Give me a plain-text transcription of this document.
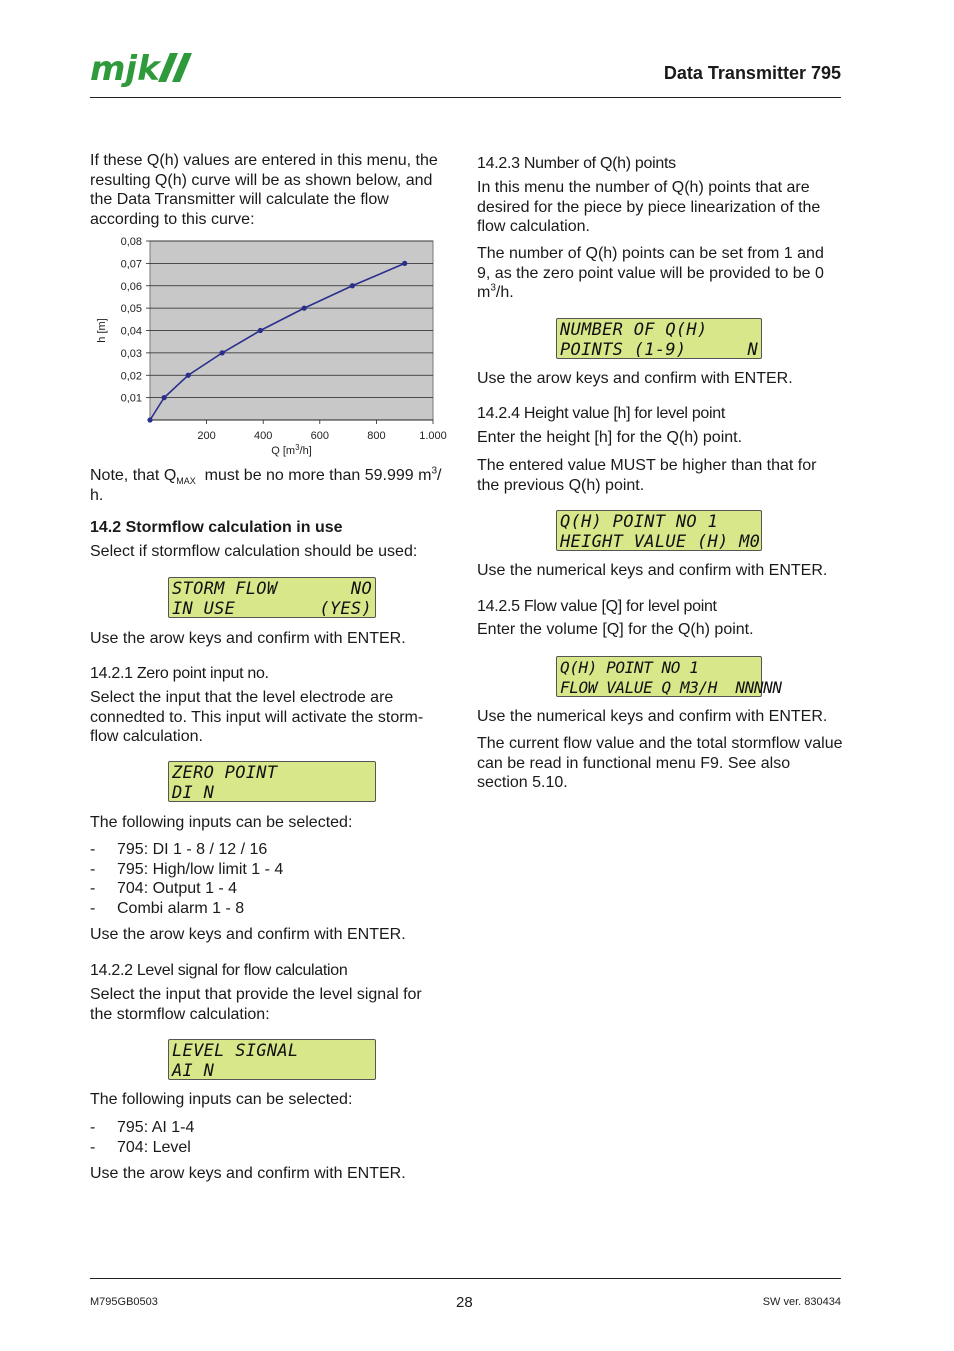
mjk	Data Transmitter 795

If these Q(h) values are entered in this menu, the resulting Q(h) curve will be as shown below, and the Data Transmitter will calculate the flow according to this curve:

0,01
0,02
0,03
0,04
0,05
0,06
0,07
0,08
200	400	600	800	1.000
Q $[m^3/h]$
h [m]

Note, that $Q_{MAX}$ must be no more than 59.999 $m^3/$
h.

14.2 Stormflow calculation in use

Select if stormflow calculation should be used:

STORM FLOW	NO
IN USE	(YES)

Use the arow keys and confirm with ENTER.

14.2.1 Zero point input no.

Select the input that the level electrode are connedted to. This input will activate the storm-flow calculation.

ZERO POINT
DI N

The following inputs can be selected:

-	795: DI 1 - 8 / 12 / 16
-	795: High/low limit 1 - 4
-	704: Output 1 - 4
-	Combi alarm 1 - 8

Use the arow keys and confirm with ENTER.

14.2.2 Level signal for flow calculation

Select the input that provide the level signal for the stormflow calculation:

LEVEL SIGNAL
AI N

The following inputs can be selected:

-	795: AI 1-4
-	704: Level

Use the arow keys and confirm with ENTER.

14.2.3 Number of Q(h) points

In this menu the number of Q(h) points that are desired for the piece by piece linearization of the flow calculation.

The number of Q(h) points can be set from 1 and 9, as the zero point value will be provided to be 0 $m^3/h$.

NUMBER OF Q(H)
POINTS (1-9)	N

Use the arow keys and confirm with ENTER.

14.2.4 Height value [h] for level point

Enter the height [h] for the Q(h) point.

The entered value MUST be higher than that for the previous Q(h) point.

Q(H) POINT NO 1
HEIGHT VALUE (H) M 0

Use the numerical keys and confirm with ENTER.

14.2.5 Flow value [Q] for level point

Enter the volume [Q] for the Q(h) point.

Q(H) POINT NO 1
FLOW VALUE Q M3/H  NNNNN

Use the numerical keys and confirm with ENTER.

The current flow value and the total stormflow value can be read in functional menu F9. See also section 5.10.

M795GB0503	28	SW ver. 830434
